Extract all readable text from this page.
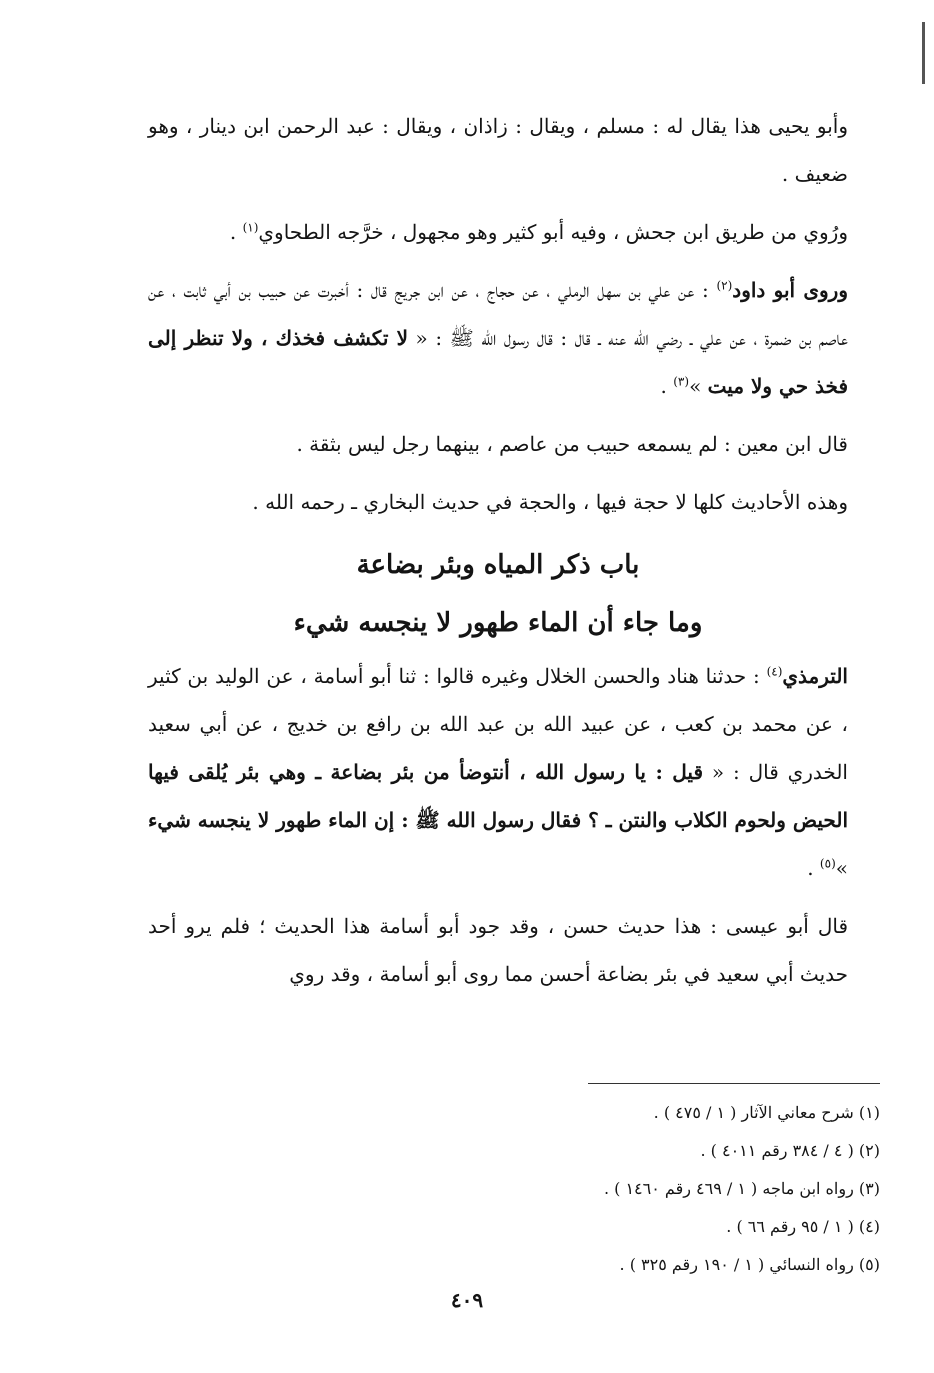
وأبو يحيى هذا يقال له : مسلم ، ويقال : زاذان ، ويقال : عبد الرحمن ابن دينار ، وهو ضعيف .

ورُوي من طريق ابن جحش ، وفيه أبو كثير وهو مجهول ، خرَّجه الطحاوي$^{(١)}$ .

وروى أبو داود$^{(٢)}$ : عن علي بن سهل الرملي ، عن حجاج ، عن ابن جريج قال : أخبرت عن حبيب بن أبي ثابت ، عن عاصم بن ضمرة ، عن علي ـ رضي الله عنه ـ قال : قال رسول الله ﷺ : « لا تكشف فخذك ، ولا تنظر إلى فخذ حي ولا ميت »$^{(٣)}$ .

قال ابن معين : لم يسمعه حبيب من عاصم ، بينهما رجل ليس بثقة .

وهذه الأحاديث كلها لا حجة فيها ، والحجة في حديث البخاري ـ رحمه الله .

باب ذكر المياه وبئر بضاعة
وما جاء أن الماء طهور لا ينجسه شيء

الترمذي$^{(٤)}$ : حدثنا هناد والحسن الخلال وغيره قالوا : ثنا أبو أسامة ، عن الوليد بن كثير ، عن محمد بن كعب ، عن عبيد الله بن عبد الله بن رافع بن خديج ، عن أبي سعيد الخدري قال : « قيل : يا رسول الله ، أنتوضأ من بئر بضاعة ـ وهي بئر يُلقى فيها الحيض ولحوم الكلاب والنتن ـ ؟ فقال رسول الله ﷺ : إن الماء طهور لا ينجسه شيء »$^{(٥)}$ .

قال أبو عيسى : هذا حديث حسن ، وقد جود أبو أسامة هذا الحديث ؛ فلم يرو أحد حديث أبي سعيد في بئر بضاعة أحسن مما روى أبو أسامة ، وقد روي

(١) شرح معاني الآثار ( ١ / ٤٧٥ ) .

(٢) ( ٤ / ٣٨٤ رقم ٤٠١١ ) .

(٣) رواه ابن ماجه ( ١ / ٤٦٩ رقم ١٤٦٠ ) .

(٤) ( ١ / ٩٥ رقم ٦٦ ) .

(٥) رواه النسائي ( ١ / ١٩٠ رقم ٣٢٥ ) .

٤٠٩
